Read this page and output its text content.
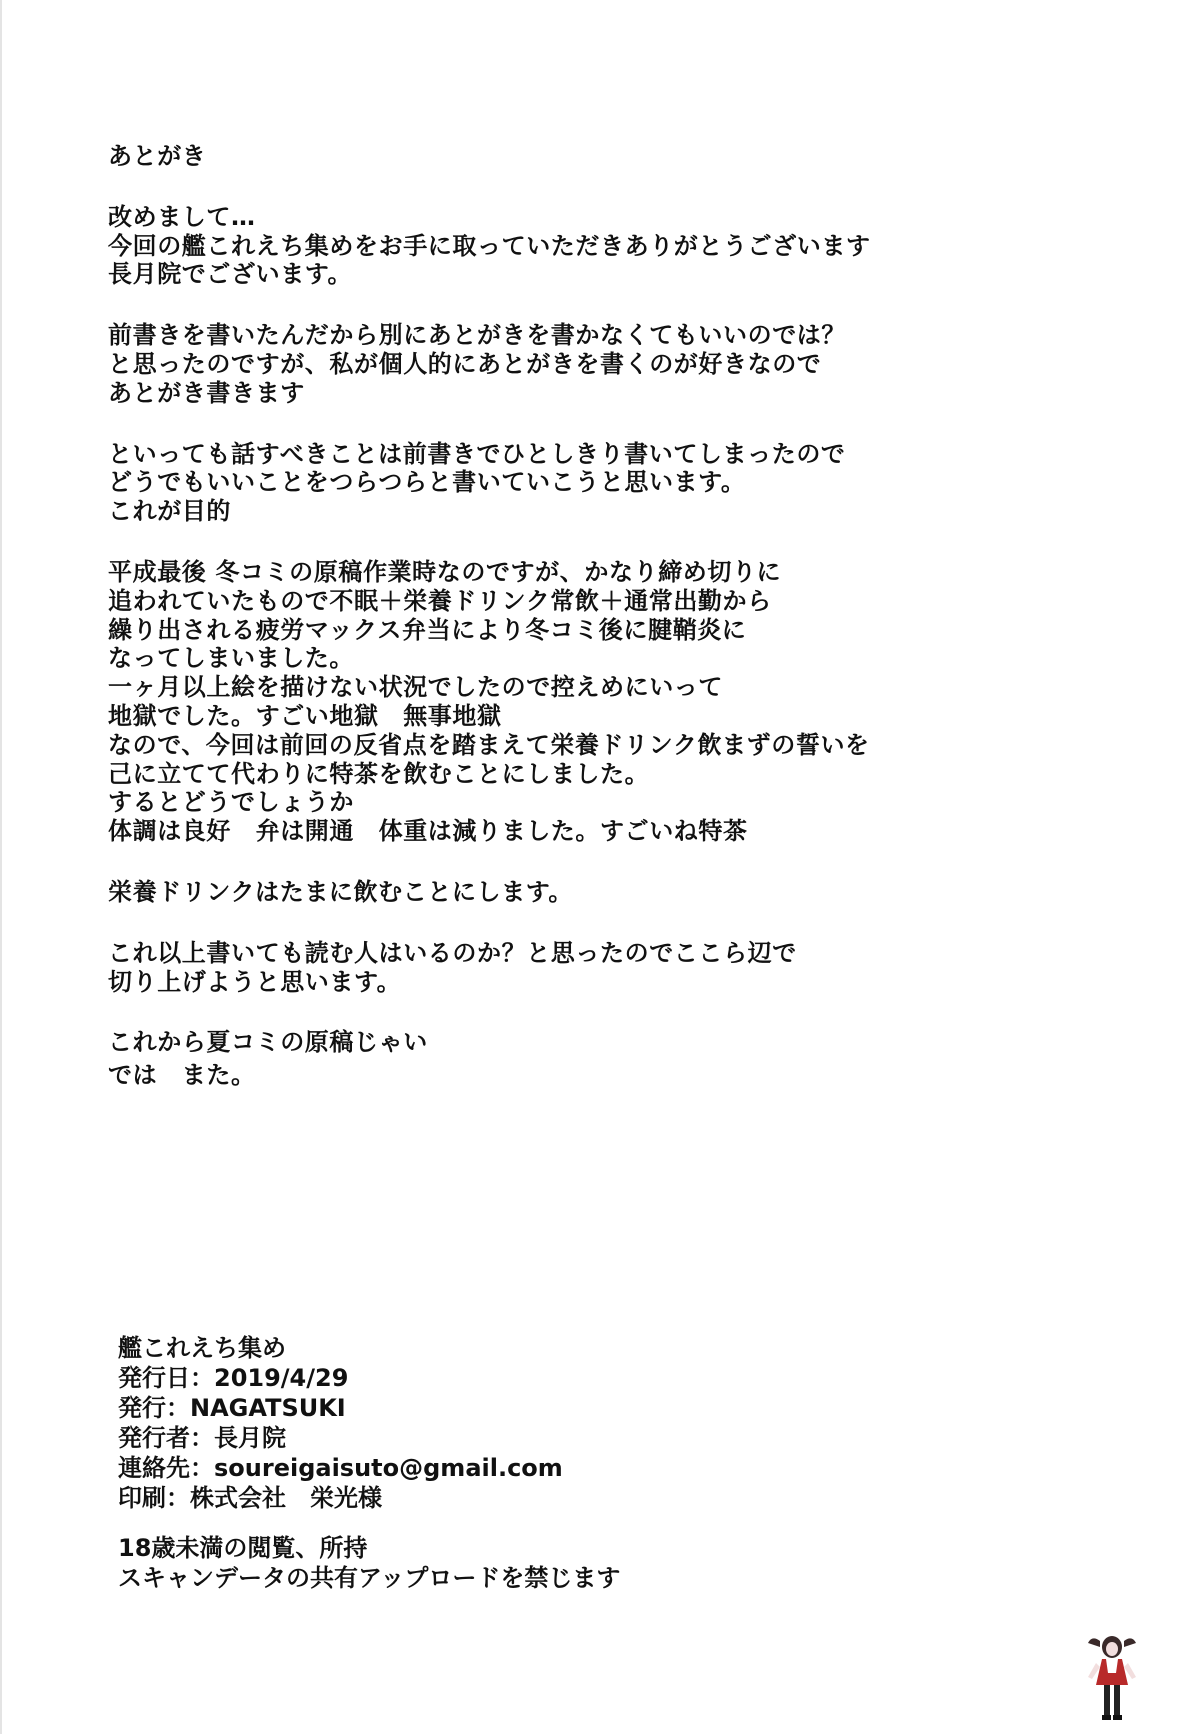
あとがき
改めまして…
今回の艦これえち集めをお手に取っていただきありがとうございます
長月院でございます。
前書きを書いたんだから別にあとがきを書かなくてもいいのでは？
と思ったのですが、私が個人的にあとがきを書くのが好きなので
あとがき書きます
といっても話すべきことは前書きでひとしきり書いてしまったので
どうでもいいことをつらつらと書いていこうと思います。
これが目的
平成最後 冬コミの原稿作業時なのですが、かなり締め切りに
追われていたもので不眠＋栄養ドリンク常飲＋通常出勤から
繰り出される疲労マックス弁当により冬コミ後に腱鞘炎に
なってしまいました。
一ヶ月以上絵を描けない状況でしたので控えめにいって
地獄でした。すごい地獄　無事地獄
なので、今回は前回の反省点を踏まえて栄養ドリンク飲まずの誓いを
己に立てて代わりに特茶を飲むことにしました。
するとどうでしょうか
体調は良好　弁は開通　体重は減りました。すごいね特茶
栄養ドリンクはたまに飲むことにします。
これ以上書いても読む人はいるのか？と思ったのでここら辺で
切り上げようと思います。
これから夏コミの原稿じゃい
では　また。
艦これえち集め
発行日：2019/4/29
発行：NAGATSUKI
発行者：長月院
連絡先：soureigaisuto@gmail.com
印刷：株式会社　栄光様
18歳未満の閲覧、所持
スキャンデータの共有アップロードを禁じます
